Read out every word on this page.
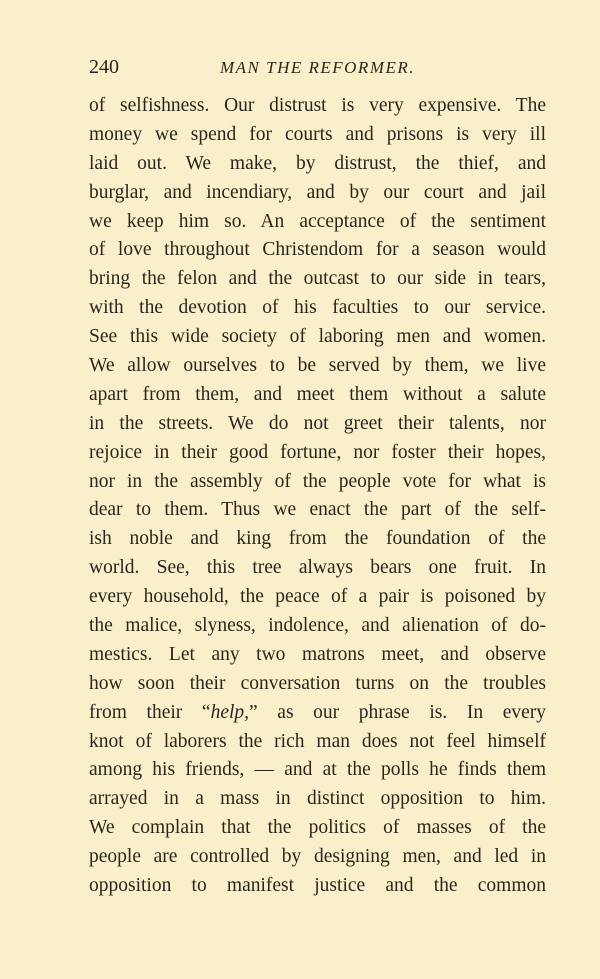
240	MAN THE REFORMER.
of selfishness. Our distrust is very expensive. The
money we spend for courts and prisons is very ill
laid out. We make, by distrust, the thief, and
burglar, and incendiary, and by our court and jail
we keep him so. An acceptance of the sentiment
of love throughout Christendom for a season would
bring the felon and the outcast to our side in tears,
with the devotion of his faculties to our service.
See this wide society of laboring men and women.
We allow ourselves to be served by them, we live
apart from them, and meet them without a salute
in the streets. We do not greet their talents, nor
rejoice in their good fortune, nor foster their hopes,
nor in the assembly of the people vote for what is
dear to them. Thus we enact the part of the self-
ish noble and king from the foundation of the
world. See, this tree always bears one fruit. In
every household, the peace of a pair is poisoned by
the malice, slyness, indolence, and alienation of do-
mestics. Let any two matrons meet, and observe
how soon their conversation turns on the troubles
from their “help,” as our phrase is. In every
knot of laborers the rich man does not feel himself
among his friends, — and at the polls he finds them
arrayed in a mass in distinct opposition to him.
We complain that the politics of masses of the
people are controlled by designing men, and led in
opposition to manifest justice and the common
